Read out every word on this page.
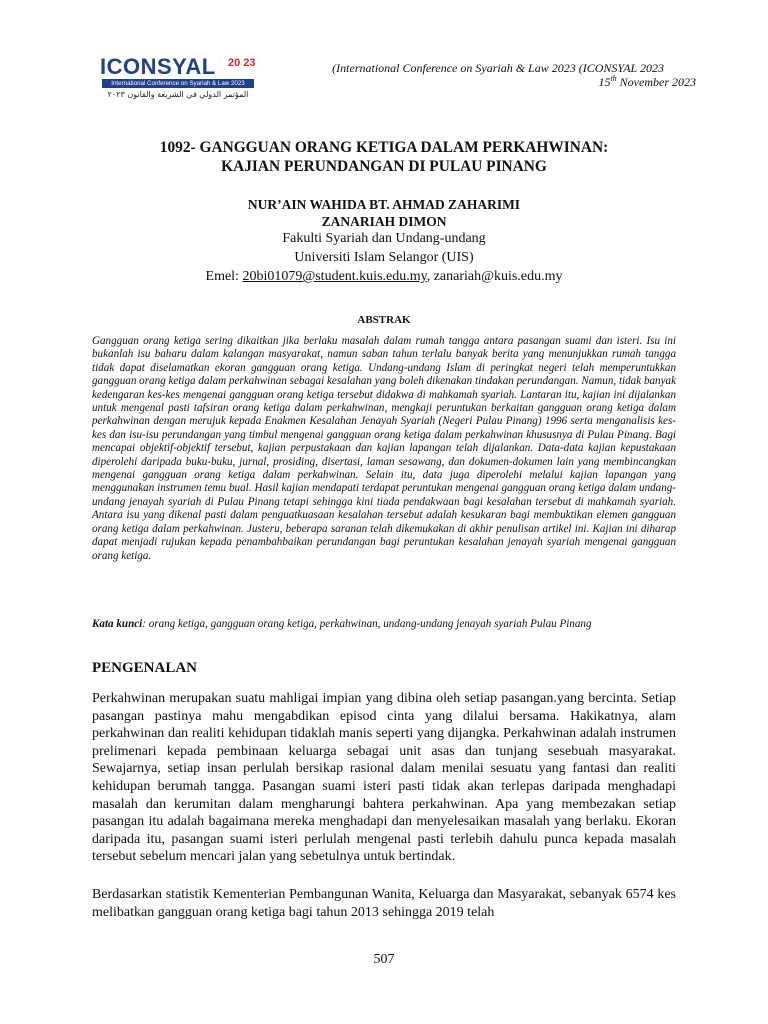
ICONSYAL 20 23
International Conference on Syariah & Law 2023
المؤتمر الدولي في الشريعة والقانون ٢٠٢٣
(International Conference on Syariah & Law 2023 (ICONSYAL 2023
15th November 2023
1092- GANGGUAN ORANG KETIGA DALAM PERKAHWINAN:
KAJIAN PERUNDANGAN DI PULAU PINANG
NUR’AIN WAHIDA BT. AHMAD ZAHARIMI
ZANARIAH DIMON
Fakulti Syariah dan Undang-undang
Universiti Islam Selangor (UIS)
Emel: 20bi01079@student.kuis.edu.my, zanariah@kuis.edu.my
ABSTRAK

Gangguan orang ketiga sering dikaitkan jika berlaku masalah dalam rumah tangga antara pasangan suami dan isteri. Isu ini bukanlah isu baharu dalam kalangan masyarakat, namun saban tahun terlalu banyak berita yang menunjukkan rumah tangga tidak dapat diselamatkan ekoran gangguan orang ketiga. Undang-undang Islam di peringkat negeri telah memperuntukkan gangguan orang ketiga dalam perkahwinan sebagai kesalahan yang boleh dikenakan tindakan perundangan. Namun, tidak banyak kedengaran kes-kes mengenai gangguan orang ketiga tersebut didakwa di mahkamah syariah. Lantaran itu, kajian ini dijalankan untuk mengenal pasti tafsiran orang ketiga dalam perkahwinan, mengkaji peruntukan berkaitan gangguan orang ketiga dalam perkahwinan dengan merujuk kepada Enakmen Kesalahan Jenayah Syariah (Negeri Pulau Pinang) 1996 serta menganalisis kes-kes dan isu-isu perundangan yang timbul mengenai gangguan orang ketiga dalam perkahwinan khususnya di Pulau Pinang. Bagi mencapai objektif-objektif tersebut, kajian perpustakaan dan kajian lapangan telah dijalankan. Data-data kajian kepustakaan diperolehi daripada buku-buku, jurnal, prosiding, disertasi, laman sesawang, dan dokumen-dokumen lain yang membincangkan mengenai gangguan orang ketiga dalam perkahwinan. Selain itu, data juga diperolehi melalui kajian lapangan yang menggunakan instrumen temu bual. Hasil kajian mendapati terdapat peruntukan mengenai gangguan orang ketiga dalam undang-undang jenayah syariah di Pulau Pinang tetapi sehingga kini tiada pendakwaan bagi kesalahan tersebut di mahkamah syariah. Antara isu yang dikenal pasti dalam penguatkuasaan kesalahan tersebut adalah kesukaran bagi membuktikan elemen gangguan orang ketiga dalam perkahwinan. Justeru, beberapa saranan telah dikemukakan di akhir penulisan artikel ini. Kajian ini diharap dapat menjadi rujukan kepada penambahbaikan perundangan bagi peruntukan kesalahan jenayah syariah mengenai gangguan orang ketiga.

Kata kunci: orang ketiga, gangguan orang ketiga, perkahwinan, undang-undang jenayah syariah Pulau Pinang

PENGENALAN

Perkahwinan merupakan suatu mahligai impian yang dibina oleh setiap pasangan.yang bercinta. Setiap pasangan pastinya mahu mengabdikan episod cinta yang dilalui bersama. Hakikatnya, alam perkahwinan dan realiti kehidupan tidaklah manis seperti yang dijangka. Perkahwinan adalah instrumen prelimenari kepada pembinaan keluarga sebagai unit asas dan tunjang sesebuah masyarakat. Sewajarnya, setiap insan perlulah bersikap rasional dalam menilai sesuatu yang fantasi dan realiti kehidupan berumah tangga. Pasangan suami isteri pasti tidak akan terlepas daripada menghadapi masalah dan kerumitan dalam mengharungi bahtera perkahwinan. Apa yang membezakan setiap pasangan itu adalah bagaimana mereka menghadapi dan menyelesaikan masalah yang berlaku. Ekoran daripada itu, pasangan suami isteri perlulah mengenal pasti terlebih dahulu punca kepada masalah tersebut sebelum mencari jalan yang sebetulnya untuk bertindak.

Berdasarkan statistik Kementerian Pembangunan Wanita, Keluarga dan Masyarakat, sebanyak 6574 kes melibatkan gangguan orang ketiga bagi tahun 2013 sehingga 2019 telah

507
